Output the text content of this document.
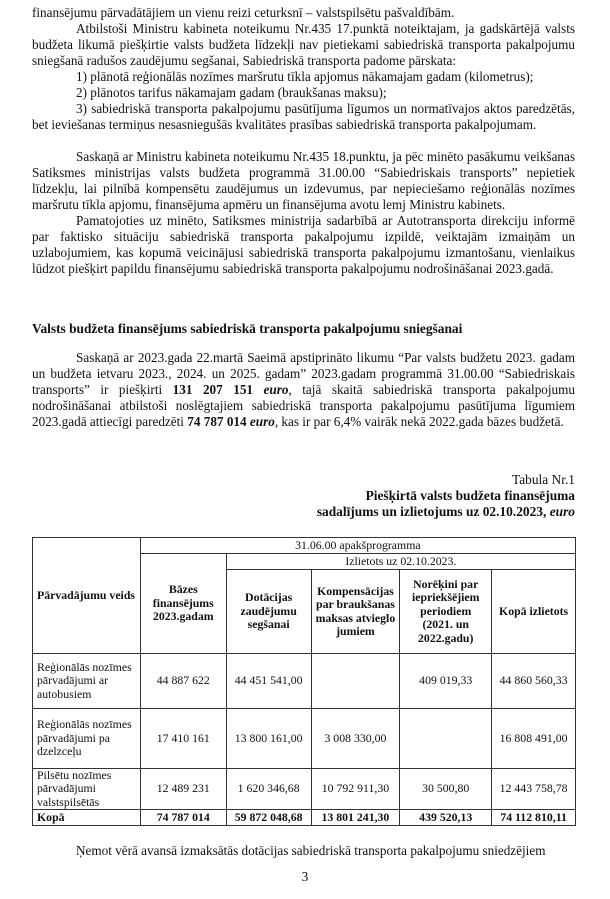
finansējumu pārvadātājiem un vienu reizi ceturksnī – valstspilsētu pašvaldībām.
Atbilstoši Ministru kabineta noteikumu Nr.435 17.punktā noteiktajam, ja gadskārtējā valsts budžeta likumā piešķirtie valsts budžeta līdzekļi nav pietiekami sabiedriskā transporta pakalpojumu sniegšanā radušos zaudējumu segšanai, Sabiedriskā transporta padome pārskata:
1) plānotā reģionālās nozīmes maršrutu tīkla apjomus nākamajam gadam (kilometrus);
2) plānotos tarifus nākamajam gadam (braukšanas maksu);
3) sabiedriskā transporta pakalpojumu pasūtījuma līgumos un normatīvajos aktos paredzētās, bet ieviešanas termiņus nesasniegušās kvalitātes prasības sabiedriskā transporta pakalpojumam.
Saskaņā ar Ministru kabineta noteikumu Nr.435 18.punktu, ja pēc minēto pasākumu veikšanas Satiksmes ministrijas valsts budžeta programmā 31.00.00 “Sabiedriskais transports” nepietiek līdzekļu, lai pilnībā kompensētu zaudējumus un izdevumus, par nepieciešamo reģionālās nozīmes maršrutu tīkla apjomu, finansējuma apmēru un finansējuma avotu lemj Ministru kabinets.
Pamatojoties uz minēto, Satiksmes ministrija sadarbībā ar Autotransporta direkciju informē par faktisko situāciju sabiedriskā transporta pakalpojumu izpildē, veiktajām izmaiņām un uzlabojumiem, kas kopumā veicinājusi sabiedriskā transporta pakalpojumu izmantošanu, vienlaikus lūdzot piešķirt papildu finansējumu sabiedriskā transporta pakalpojumu nodrošināšanai 2023.gadā.
Valsts budžeta finansējums sabiedriskā transporta pakalpojumu sniegšanai
Saskaņā ar 2023.gada 22.martā Saeimā apstiprināto likumu “Par valsts budžetu 2023. gadam un budžeta ietvaru 2023., 2024. un 2025. gadam” 2023.gadam programmā 31.00.00 “Sabiedriskais transports” ir piešķirti 131 207 151 euro, tajā skaitā sabiedriskā transporta pakalpojumu nodrošināšanai atbilstoši noslēgtajiem sabiedriskā transporta pakalpojumu pasūtījuma līgumiem 2023.gadā attiecīgi paredzēti 74 787 014 euro, kas ir par 6,4% vairāk nekā 2022.gada bāzes budžetā.
Tabula Nr.1
Piešķirtā valsts budžeta finansējuma
sadalījums un izlietojums uz 02.10.2023, euro
Pārvadājumu veids	31.06.00 apakšprogramma				
	Bāzes finansējums 2023.gadam	Izlietots uz 02.10.2023.			
		Dotācijas zaudējumu segšanai	Kompensācijas par braukšanas maksas atvieglojumiem	Norēķini par iepriekšējiem periodiem (2021. un 2022.gadu)	Kopā izlietots
Reģionālās nozīmes pārvadājumi ar autobusiem	44 887 622	44 451 541,00		409 019,33	44 860 560,33
Reģionālās nozīmes pārvadājumi pa dzelzceļu	17 410 161	13 800 161,00	3 008 330,00		16 808 491,00
Pilsētu nozīmes pārvadājumi valstspilsētās	12 489 231	1 620 346,68	10 792 911,30	30 500,80	12 443 758,78
Kopā	74 787 014	59 872 048,68	13 801 241,30	439 520,13	74 112 810,11
Ņemot vērā avansā izmaksātās dotācijas sabiedriskā transporta pakalpojumu sniedzējiem
3
